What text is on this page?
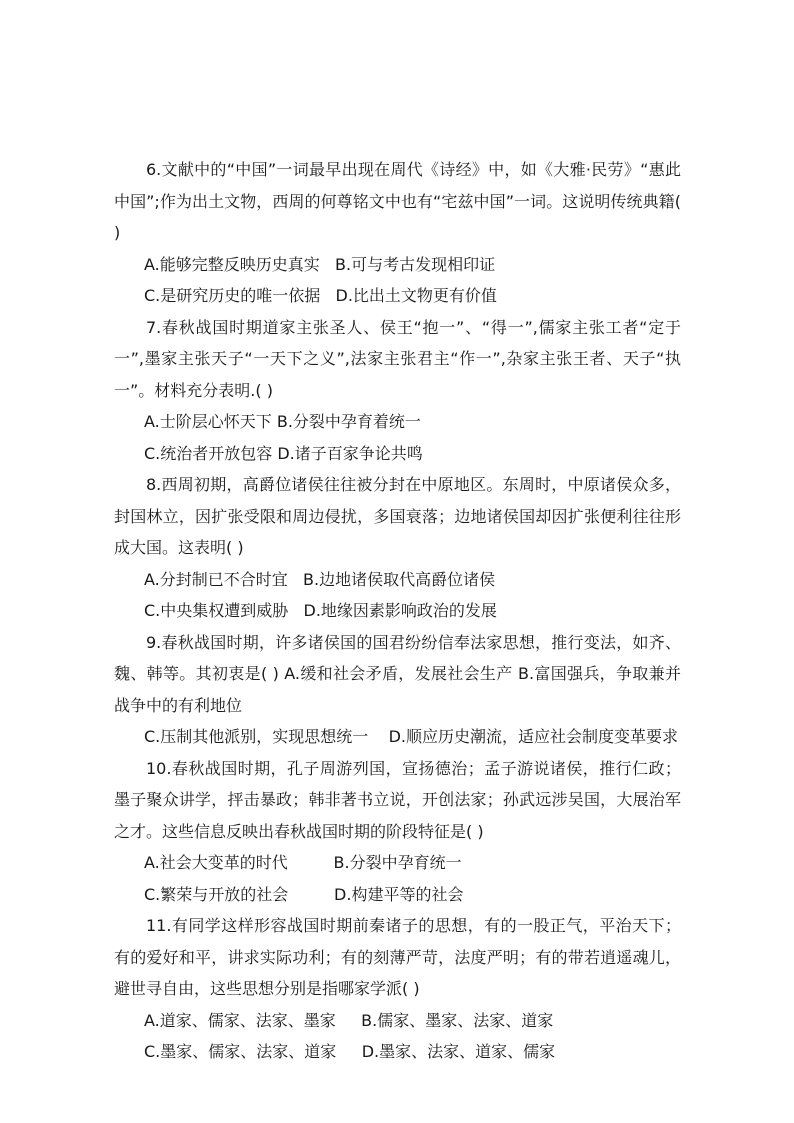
6.文献中的“中国”一词最早出现在周代《诗经》中，如《大雅·民劳》“惠此中国”;作为出土文物，西周的何尊铭文中也有“宅兹中国”一词。这说明传统典籍( )

A.能够完整反映历史真实   B.可与考古发现相印证

C.是研究历史的唯一依据   D.比出土文物更有价值

7.春秋战国时期道家主张圣人、侯王“抱一”、“得一”,儒家主张工者“定于一”,墨家主张天子“一天下之义”,法家主张君主“作一”,杂家主张王者、天子“执一”。材料充分表明.( )

A.士阶层心怀天下 B.分裂中孕育着统一

C.统治者开放包容 D.诸子百家争论共鸣

8.西周初期，高爵位诸侯往往被分封在中原地区。东周时，中原诸侯众多，封国林立，因扩张受限和周边侵扰，多国衰落；边地诸侯国却因扩张便利往往形成大国。这表明( )

A.分封制已不合时宜   B.边地诸侯取代高爵位诸侯

C.中央集权遭到威胁   D.地缘因素影响政治的发展

9.春秋战国时期，许多诸侯国的国君纷纷信奉法家思想，推行变法，如齐、魏、韩等。其初衷是( ) A.缓和社会矛盾，发展社会生产 B.富国强兵，争取兼并战争中的有利地位

C.压制其他派别，实现思想统一    D.顺应历史潮流，适应社会制度变革要求

10.春秋战国时期，孔子周游列国，宣扬德治；孟子游说诸侯，推行仁政；墨子聚众讲学，抨击暴政；韩非著书立说，开创法家；孙武远涉吴国，大展治军之才。这些信息反映出春秋战国时期的阶段特征是( )

A.社会大变革的时代         B.分裂中孕育统一

C.繁荣与开放的社会         D.构建平等的社会

11.有同学这样形容战国时期前秦诸子的思想，有的一股正气，平治天下；有的爱好和平，讲求实际功利；有的刻薄严苛，法度严明；有的带若逍遥魂儿，避世寻自由，这些思想分别是指哪家学派( )

A.道家、儒家、法家、墨家     B.儒家、墨家、法家、道家

C.墨家、儒家、法家、道家     D.墨家、法家、道家、儒家
